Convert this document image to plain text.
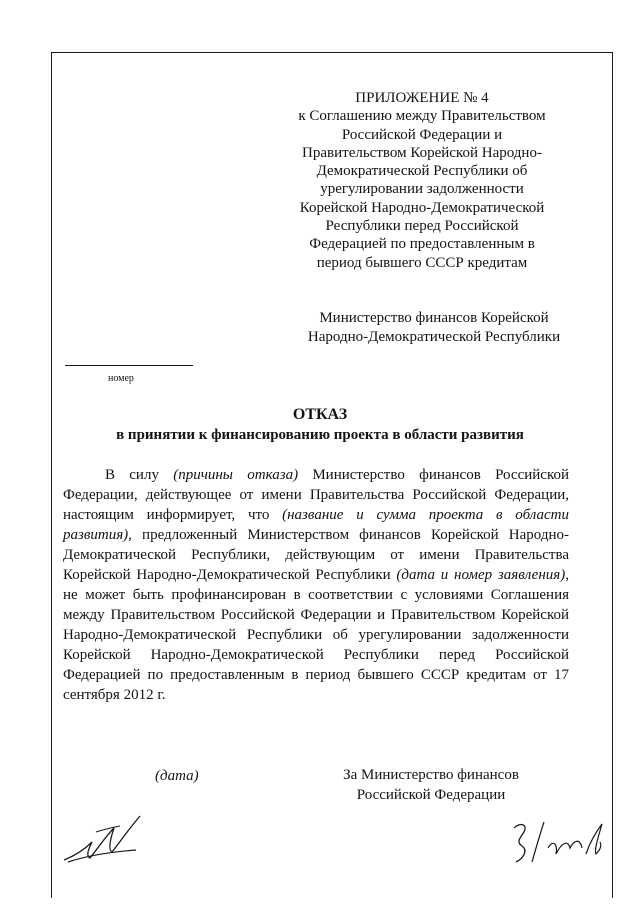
ПРИЛОЖЕНИЕ № 4
к Соглашению между Правительством
Российской Федерации и
Правительством Корейской Народно-
Демократической Республики об
урегулировании задолженности
Корейской Народно-Демократической
Республики перед Российской
Федерацией по предоставленным в
период бывшего СССР кредитам
Министерство финансов Корейской
Народно-Демократической Республики
номер
ОТКАЗ
в принятии к финансированию проекта в области развития

В силу (причины отказа) Министерство финансов Российской Федерации, действующее от имени Правительства Российской Федерации, настоящим информирует, что (название и сумма проекта в области развития), предложенный Министерством финансов Корейской Народно-Демократической Республики, действующим от имени Правительства Корейской Народно-Демократической Республики (дата и номер заявления), не может быть профинансирован в соответствии с условиями Соглашения между Правительством Российской Федерации и Правительством Корейской Народно-Демократической Республики об урегулировании задолженности Корейской Народно-Демократической Республики перед Российской Федерацией по предоставленным в период бывшего СССР кредитам от 17 сентября 2012 г.

(дата)	За Министерство финансов
Российской Федерации
